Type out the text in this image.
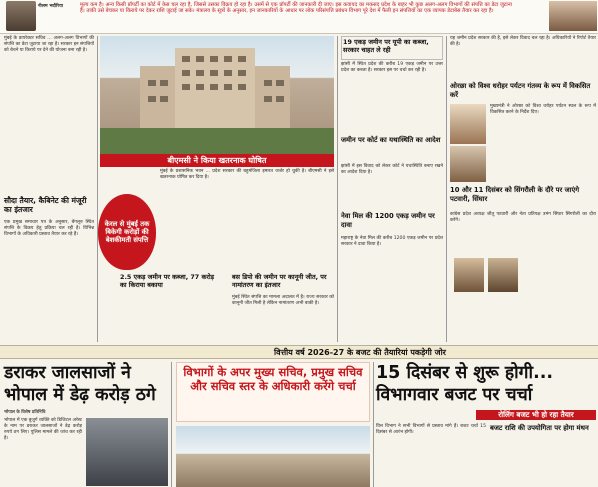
नीलम भदौरिया	मूल्य कम है। अन्य किसी प्रॉपर्टी का कोर्ट में केस चल रहा है, जिससे उसका विक्रय हो रहा है। उसमें से एक प्रॉपर्टी की जानकारी दी जाए। इस कवायद का मकसद प्रदेश के बाहर भी कुछ अलग-अलग विभागों की संपत्ति का डेटा जुटाना है। ताकी उसे बेचकर या किराये पर देकर राशि जुटाई जा सके। मंत्रालय के सूत्रों के अनुसार, इन जानकारियों के आधार पर लोक परिसंपत्ति प्रबंधन विभाग पूरे देश में फैली इन संपत्तियों का एक व्यापक डेटाबेस तैयार कर रहा है।
मुंबई के डायरेक्टर सचिव ... अलग-अलग विभागों की संपत्ति का डेटा जुटाया जा रहा है। सरकार इन संपत्तियों को बेचने या किराये पर देने की योजना बना रही है।
सौदा तैयार, कैबिनेट की मंजूरी का इंतजार
एक प्रमुख समाचार पत्र के अनुसार, बेंगलूरु स्थित संपत्ति के विक्रय हेतु प्रक्रिया चल रही है। विभिन्न विभागों के अधिकारी प्रस्ताव तैयार कर रहे हैं।
बीएमसी ने किया खतरनाक घोषित
केरल से मुंबई तक बिकेगी करोड़ों की बेशकीमती संपत्ति
मुंबई के प्रशासनिक भवन ... प्रदेश सरकार की बहुमंजिला इमारत जर्जर हो चुकी है। बीएमसी ने इसे खतरनाक घोषित कर दिया है।
2.5 एकड़ जमीन पर कब्जा, 77 करोड़ का किराया बकाया
बस डिपो की जमीन पर कानूनी जीत, पर नामांतरण का इंतजार
मुंबई स्थित संपत्ति का मामला अदालत में है। राज्य सरकार को कानूनी जीत मिली है लेकिन नामांतरण अभी बाकी है।
19 एकड़ जमीन पर यूपी का कब्जा, सरकार चाहत ले रही
झांसी में स्थित प्रदेश की करीब 19 एकड़ जमीन पर उत्तर प्रदेश का कब्जा है। सरकार इस पर चर्चा कर रही है।
जमीन पर कोर्ट का यथास्थिति का आदेश
झांसी में इस विवाद को लेकर कोर्ट ने यथास्थिति बनाए रखने का आदेश दिया है।
नेवा मिल की 1200 एकड़ जमीन पर दावा
महाराष्ट्र के नेवा मिल की करीब 1200 एकड़ जमीन पर प्रदेश सरकार ने दावा किया है।
यह जमीन प्रदेश सरकार की है, इसे लेकर विवाद चल रहा है। अधिकारियों ने रिपोर्ट तैयार की है।
ओरछा को विश्व धरोहर पर्यटन गंतव्य के रूप में विकसित करें
मुख्यमंत्री ने ओरछा को विश्व धरोहर पर्यटन स्थल के रूप में विकसित करने के निर्देश दिए।
10 और 11 दिसंबर को सिंगरौली के दौरे पर जाएंगे पटवारी, सिंघार
कांग्रेस प्रदेश अध्यक्ष जीतू पटवारी और नेता प्रतिपक्ष उमंग सिंघार सिंगरौली का दौरा करेंगे।
वित्तीय वर्ष 2026-27 के बजट की तैयारियां पकड़ेगी जोर
डराकर जालसाजों ने भोपाल में डेढ़ करोड़ ठगे
भोपाल के विशेष प्रतिनिधि
भोपाल में एक बुजुर्ग व्यक्ति को डिजिटल अरेस्ट के नाम पर डराकर जालसाजों ने डेढ़ करोड़ रुपये ठग लिए। पुलिस मामले की जांच कर रही है।
विभागों के अपर मुख्य सचिव, प्रमुख सचिव और सचिव स्तर के अधिकारी करेंगे चर्चा
15 दिसंबर से शुरू होगी... विभागवार बजट पर चर्चा
रोलिंग बजट भी हो रहा तैयार
वित्त विभाग ने सभी विभागों से प्रस्ताव मांगे हैं। बजट चर्चा 15 दिसंबर से आरंभ होगी।
बजट राशि की उपयोगिता पर होगा मंथन
